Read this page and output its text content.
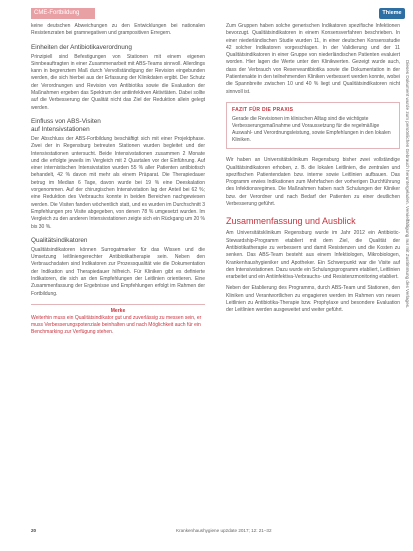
CME-Fortbildung	Thieme
Dieses Dokument wurde zum persönlichen Gebrauch heruntergeladen. Vervielfältigung nur mit Zustimmung des Verlages.

keine deutschen Abweichungen zu den Entwicklungen bei nationalen Resistenzraten bei gramnegativen und grampositiven Erregern.

Einheiten der Antibiotikaverordnung

Prinzipiell sind Befestigungen von Stationen mit einem eigenen Sinnbeauftragten in einer Zusammenarbeit mit ABS-Teams sinnvoll. Allerdings kann in begrenztem Maß durch Vervollständigung der Revision eingebunden werden, die sich hierbei aus der Erfassung der Klinikdaten ergibt. Der Schutz der Verordnungen und Revision von Antibiotika sowie die Evaluation der Maßnahmen ergeben das Spektrum der antiinfektiven Aktivitäten. Dabei sollte auf die Verbesserung der Qualität nicht das Ziel der Reduktion allein gelegt werden.

Einfluss von ABS-Visiten
auf Intensivstationen

Der Abschluss der ABS-Fortbildung beschäftigt sich mit einer Projektphase. Zwei der in Regensburg betreuten Stationen wurden begleitet und der Intensivstationen untersucht. Beide Intensivstationen zusammen 2 Monate und die erfolgte jeweils im Vergleich mit 2 Quartalen vor der Einführung. Auf einer internistischen Intensivstation wurden 55 % aller Patienten antibiotisch behandelt, 42 % davon mit mehr als einem Präparat. Die Therapiedauer betrug im Median 6 Tage, davon wurde bei 19 % eine Deeskalation vorgenommen. Auf der chirurgischen Intensivstation lag der Anteil bei 62 %; eine Reduktion des Verbrauchs konnte in beiden Bereichen nachgewiesen werden. Die Visiten fanden wöchentlich statt, und es wurden im Durchschnitt 3 Empfehlungen pro Visite abgegeben, von denen 78 % umgesetzt wurden. Im Vergleich zu den anderen Intensivstationen zeigte sich ein Rückgang um 20 % bis 30 %.

Qualitätsindikatoren

Qualitätsindikatoren können Surrogatmarker für das Wissen und die Umsetzung leitliniengerechter Antibiotikatherapie sein. Neben den Verbrauchsdaten sind Indikatoren zur Prozessqualität wie die Dokumentation der Indikation und Therapiedauer hilfreich. Für Kliniken gibt es definierte Indikatoren, die sich an den Empfehlungen der Leitlinien orientieren. Eine Zusammenfassung der Ergebnisse und Empfehlungen erfolgt im Rahmen der Fortbildung.

Merke
Weiterhin muss ein Qualitätsindikator gut und zuverlässig zu messen sein, er muss Verbesserungspotenziale beinhalten und nach Möglichkeit auch für ein Benchmarking zur Verfügung stehen.

Zum Gruppen haben solche generischen Indikatoren spezifische Infektionen bevorzugt. Qualitätsindikatoren in einem Konsensverfahren beschrieben. In einer niederländischen Studie wurden 11, in einer deutschen Konsensstudie 42 solcher Indikatoren vorgeschlagen. In der Validierung und der 11 Qualitätsindikatoren in einer Gruppe von niederländischen Patienten evaluiert worden. Hier lagen die Werte unter den Klinikwerten. Gezeigt wurde auch, dass der Verbrauch von Reserveantibiotika sowie die Dokumentation in der Patientenakte in den teilnehmenden Kliniken verbessert werden konnte, wobei die Spannbreite zwischen 10 und 40 % liegt und Qualitätsindikatoren nicht sinnvoll ist.

FAZIT FÜR DIE PRAXIS
Gerade die Revisionen im klinischen Alltag sind die wichtigste Verbesserungsmaßnahme und Voraussetzung für die regelmäßige Auswahl- und Verordnungsleistung, sowie Empfehlungen in den lokalen Kliniken.

Wir haben an Universitätsklinikum Regensburg bisher zwei vollständige Qualitätsindikatoren erhoben, z. B. die lokalen Leitlinien, die zentralen und spezifischen Patientendaten bzw. interne sowie Leitlinien aufbauen. Das Programm erwies Indikationen zum Mehrfachen der vorherigen Durchführung des Infektionsregimes. Die Maßnahmen haben nach Schulungen der Kliniker bzw. der Verordner und nach Bedarf der Patienten zu einer deutlichen Verbesserung geführt.

Zusammenfassung und Ausblick

Am Universitätsklinikum Regensburg wurde im Jahr 2012 ein Antibiotic-Stewardship-Programm etabliert mit dem Ziel, die Qualität der Antibiotikatherapie zu verbessern und damit Resistenzen und die Kosten zu senken. Das ABS-Team besteht aus einem Infektiologen, Mikrobiologen, Krankenhaushygieniker und Apotheker. Ein Schwerpunkt war die Visite auf den Intensivstationen. Dazu wurde ein Schulungsprogramm etabliert, Leitlinien erarbeitet und ein Antiinfektiva-Verbrauchs- und Resistenzmonitoring etabliert.

Neben der Etablierung des Programms, durch ABS-Team und Stationen, den Kliniken und Verantwortlichen zu engagieren werden im Rahmen von neuen Leitlinien zu Antibiotika-Therapie bzw. Prophylaxe und besondere Evaluation der Leitlinien werden ausgeweitet und weiter geführt.

20	Krankenhaushygiene up2date 2017; 12: 21–32
